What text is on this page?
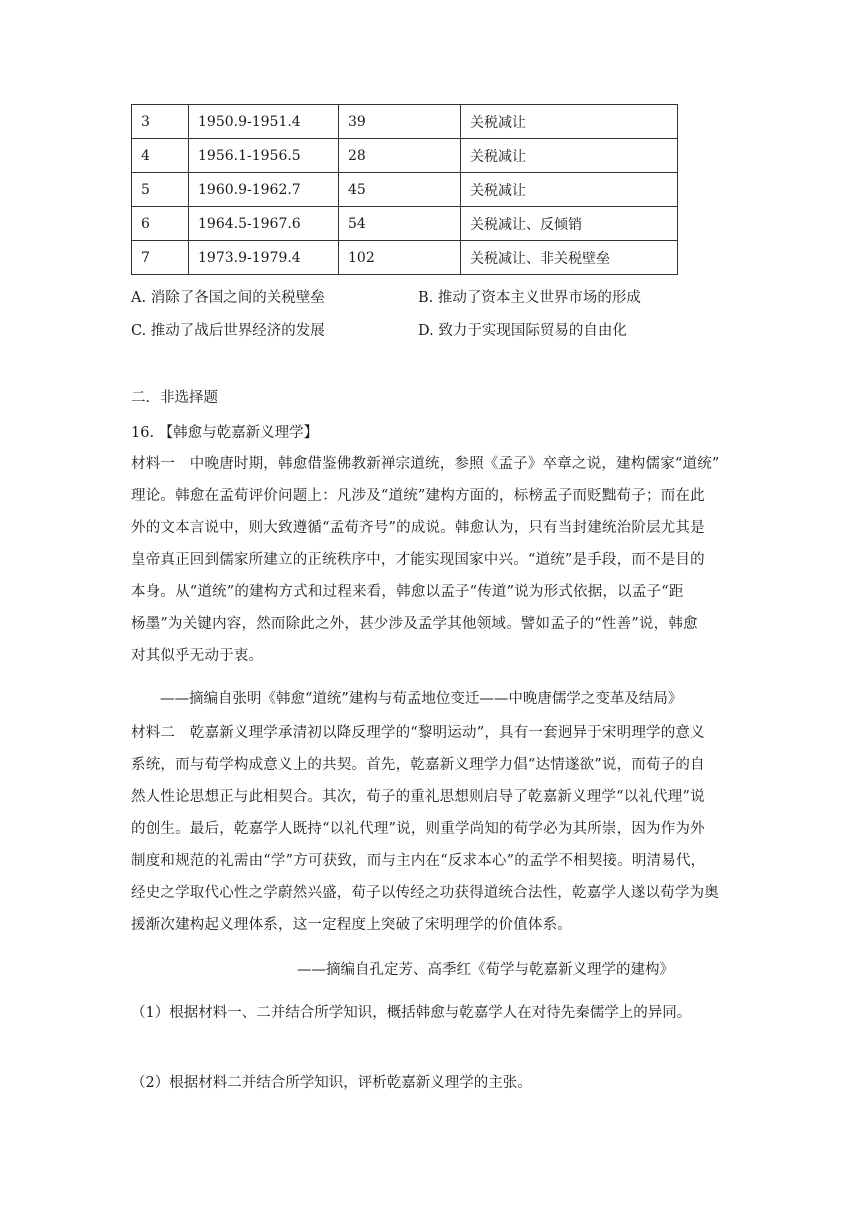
3	1950.9-1951.4	39	关税减让
4	1956.1-1956.5	28	关税减让
5	1960.9-1962.7	45	关税减让
6	1964.5-1967.6	54	关税减让、反倾销
7	1973.9-1979.4	102	关税减让、非关税壁垒
A. 消除了各国之间的关税壁垒	B. 推动了资本主义世界市场的形成
C. 推动了战后世界经济的发展	D. 致力于实现国际贸易的自由化
二．非选择题
16. 【韩愈与乾嘉新义理学】
材料一　中晚唐时期，韩愈借鉴佛教新禅宗道统，参照《孟子》卒章之说，建构儒家“道统”
理论。韩愈在孟荀评价问题上：凡涉及“道统”建构方面的，标榜孟子而贬黜荀子；而在此
外的文本言说中，则大致遵循“孟荀齐号”的成说。韩愈认为，只有当封建统治阶层尤其是
皇帝真正回到儒家所建立的正统秩序中，才能实现国家中兴。“道统”是手段，而不是目的
本身。从“道统”的建构方式和过程来看，韩愈以孟子“传道”说为形式依据，以孟子“距
杨墨”为关键内容，然而除此之外，甚少涉及孟学其他领域。譬如孟子的“性善”说，韩愈
对其似乎无动于衷。
——摘编自张明《韩愈“道统”建构与荀孟地位变迁——中晚唐儒学之变革及结局》
材料二　乾嘉新义理学承清初以降反理学的“黎明运动”，具有一套迥异于宋明理学的意义
系统，而与荀学构成意义上的共契。首先，乾嘉新义理学力倡“达情遂欲”说，而荀子的自
然人性论思想正与此相契合。其次，荀子的重礼思想则启导了乾嘉新义理学“以礼代理”说
的创生。最后，乾嘉学人既持“以礼代理”说，则重学尚知的荀学必为其所崇，因为作为外
制度和规范的礼需由“学”方可获致，而与主内在“反求本心”的孟学不相契接。明清易代，
经史之学取代心性之学蔚然兴盛，荀子以传经之功获得道统合法性，乾嘉学人遂以荀学为奥
援渐次建构起义理体系，这一定程度上突破了宋明理学的价值体系。
——摘编自孔定芳、高季红《荀学与乾嘉新义理学的建构》
（1）根据材料一、二并结合所学知识，概括韩愈与乾嘉学人在对待先秦儒学上的异同。
（2）根据材料二并结合所学知识，评析乾嘉新义理学的主张。
